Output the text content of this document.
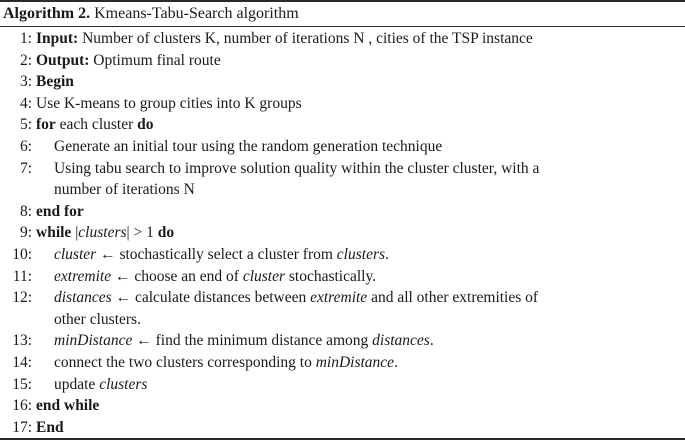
Algorithm 2. Kmeans-Tabu-Search algorithm
1: Input: Number of clusters K, number of iterations N , cities of the TSP instance
2: Output: Optimum final route
3: Begin
4: Use K-means to group cities into K groups
5: for each cluster do
6: Generate an initial tour using the random generation technique
7: Using tabu search to improve solution quality within the cluster cluster, with a
number of iterations N
8: end for
9: while |clusters| > 1 do
10: cluster ← stochastically select a cluster from clusters.
11: extremite ← choose an end of cluster stochastically.
12: distances ← calculate distances between extremite and all other extremities of
other clusters.
13: minDistance ← find the minimum distance among distances.
14: connect the two clusters corresponding to minDistance.
15: update clusters
16: end while
17: End
